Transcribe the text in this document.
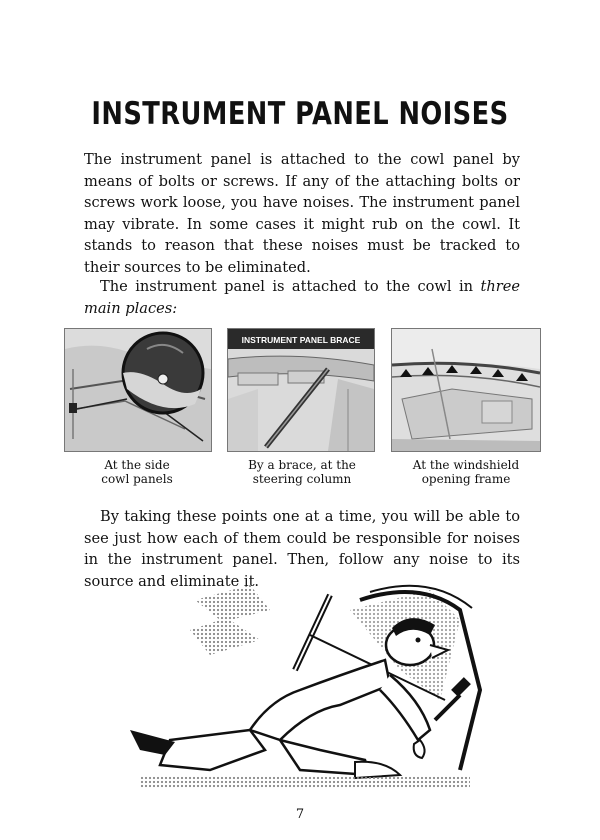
INSTRUMENT PANEL NOISES

The instrument panel is attached to the cowl panel by means of bolts or screws. If any of the attaching bolts or screws work loose, you have noises. The instrument panel may vibrate. In some cases it might rub on the cowl. It stands to reason that these noises must be tracked to their sources to be eliminated.

The instrument panel is attached to the cowl in three main places:

INSTRUMENT PANEL BRACE

At the side
cowl panels

By a brace, at the
steering column

At the windshield
opening frame

By taking these points one at a time, you will be able to see just how each of them could be responsible for noises in the instrument panel. Then, follow any noise to its source and eliminate it.

7
